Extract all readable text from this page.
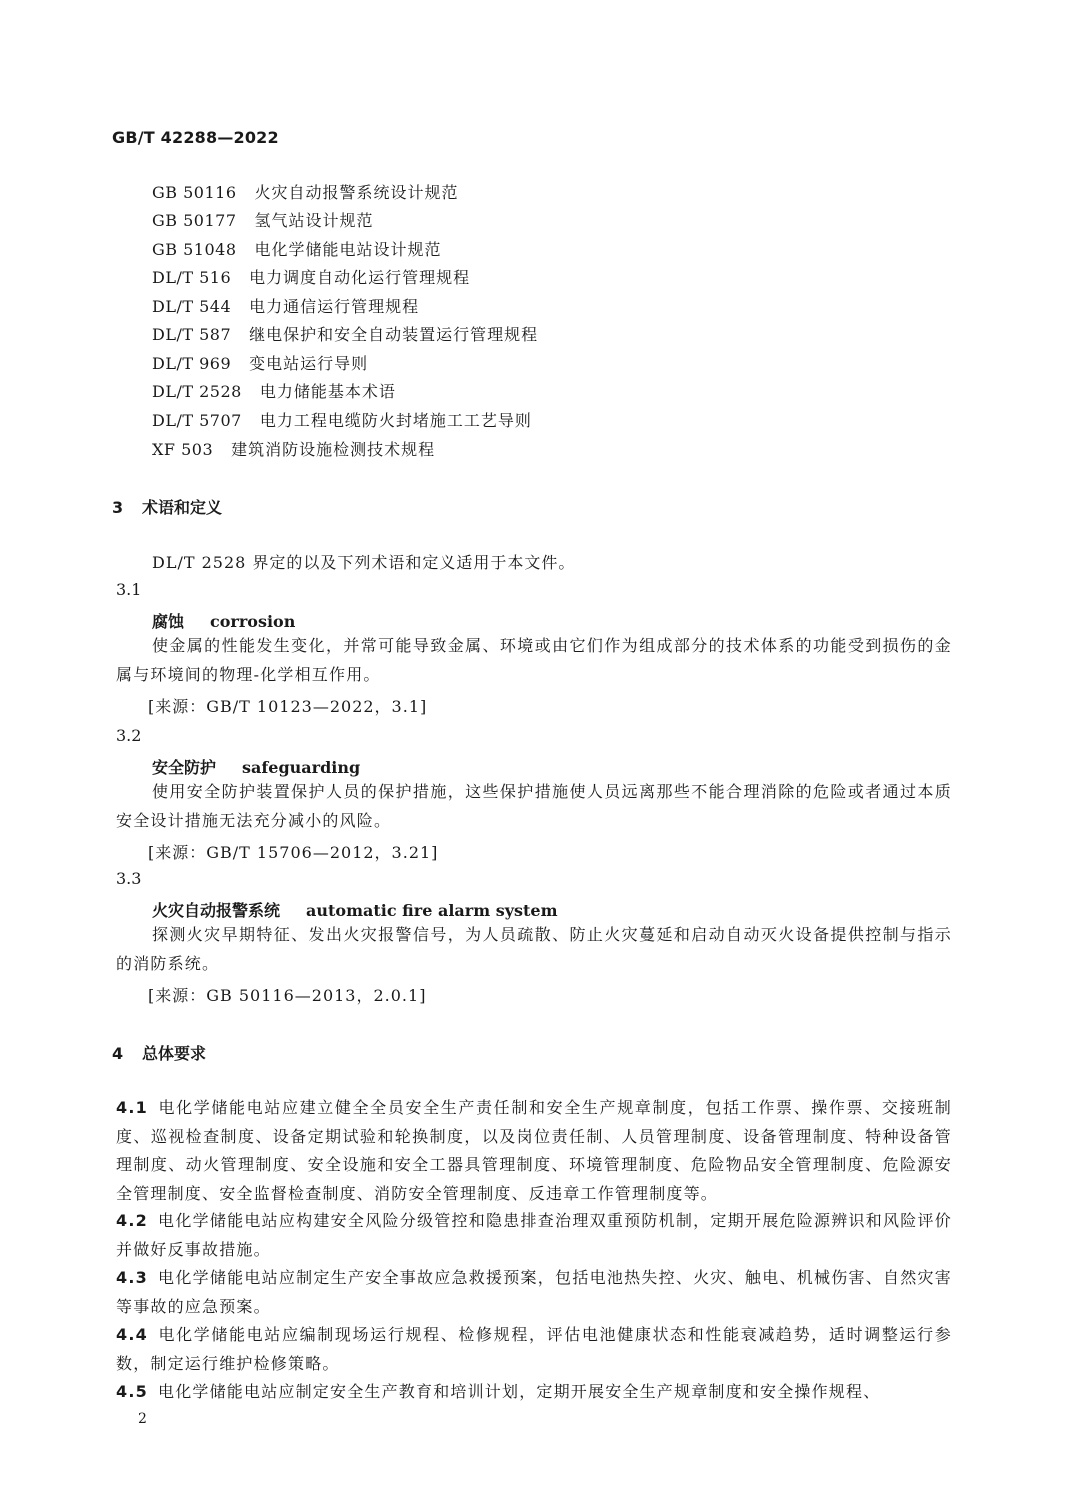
GB/T 42288—2022
GB 50116 火灾自动报警系统设计规范
GB 50177 氢气站设计规范
GB 51048 电化学储能电站设计规范
DL/T 516 电力调度自动化运行管理规程
DL/T 544 电力通信运行管理规程
DL/T 587 继电保护和安全自动装置运行管理规程
DL/T 969 变电站运行导则
DL/T 2528 电力储能基本术语
DL/T 5707 电力工程电缆防火封堵施工工艺导则
XF 503 建筑消防设施检测技术规程
3 术语和定义
DL/T 2528 界定的以及下列术语和定义适用于本文件。
3.1
腐蚀 corrosion
使金属的性能发生变化，并常可能导致金属、环境或由它们作为组成部分的技术体系的功能受到损伤的金属与环境间的物理-化学相互作用。
[来源：GB/T 10123—2022，3.1]
3.2
安全防护 safeguarding
使用安全防护装置保护人员的保护措施，这些保护措施使人员远离那些不能合理消除的危险或者通过本质安全设计措施无法充分减小的风险。
[来源：GB/T 15706—2012，3.21]
3.3
火灾自动报警系统 automatic fire alarm system
探测火灾早期特征、发出火灾报警信号，为人员疏散、防止火灾蔓延和启动自动灭火设备提供控制与指示的消防系统。
[来源：GB 50116—2013，2.0.1]
4 总体要求
4.1 电化学储能电站应建立健全全员安全生产责任制和安全生产规章制度，包括工作票、操作票、交接班制度、巡视检查制度、设备定期试验和轮换制度，以及岗位责任制、人员管理制度、设备管理制度、特种设备管理制度、动火管理制度、安全设施和安全工器具管理制度、环境管理制度、危险物品安全管理制度、危险源安全管理制度、安全监督检查制度、消防安全管理制度、反违章工作管理制度等。
4.2 电化学储能电站应构建安全风险分级管控和隐患排查治理双重预防机制，定期开展危险源辨识和风险评价并做好反事故措施。
4.3 电化学储能电站应制定生产安全事故应急救援预案，包括电池热失控、火灾、触电、机械伤害、自然灾害等事故的应急预案。
4.4 电化学储能电站应编制现场运行规程、检修规程，评估电池健康状态和性能衰减趋势，适时调整运行参数，制定运行维护检修策略。
4.5 电化学储能电站应制定安全生产教育和培训计划，定期开展安全生产规章制度和安全操作规程、
2
